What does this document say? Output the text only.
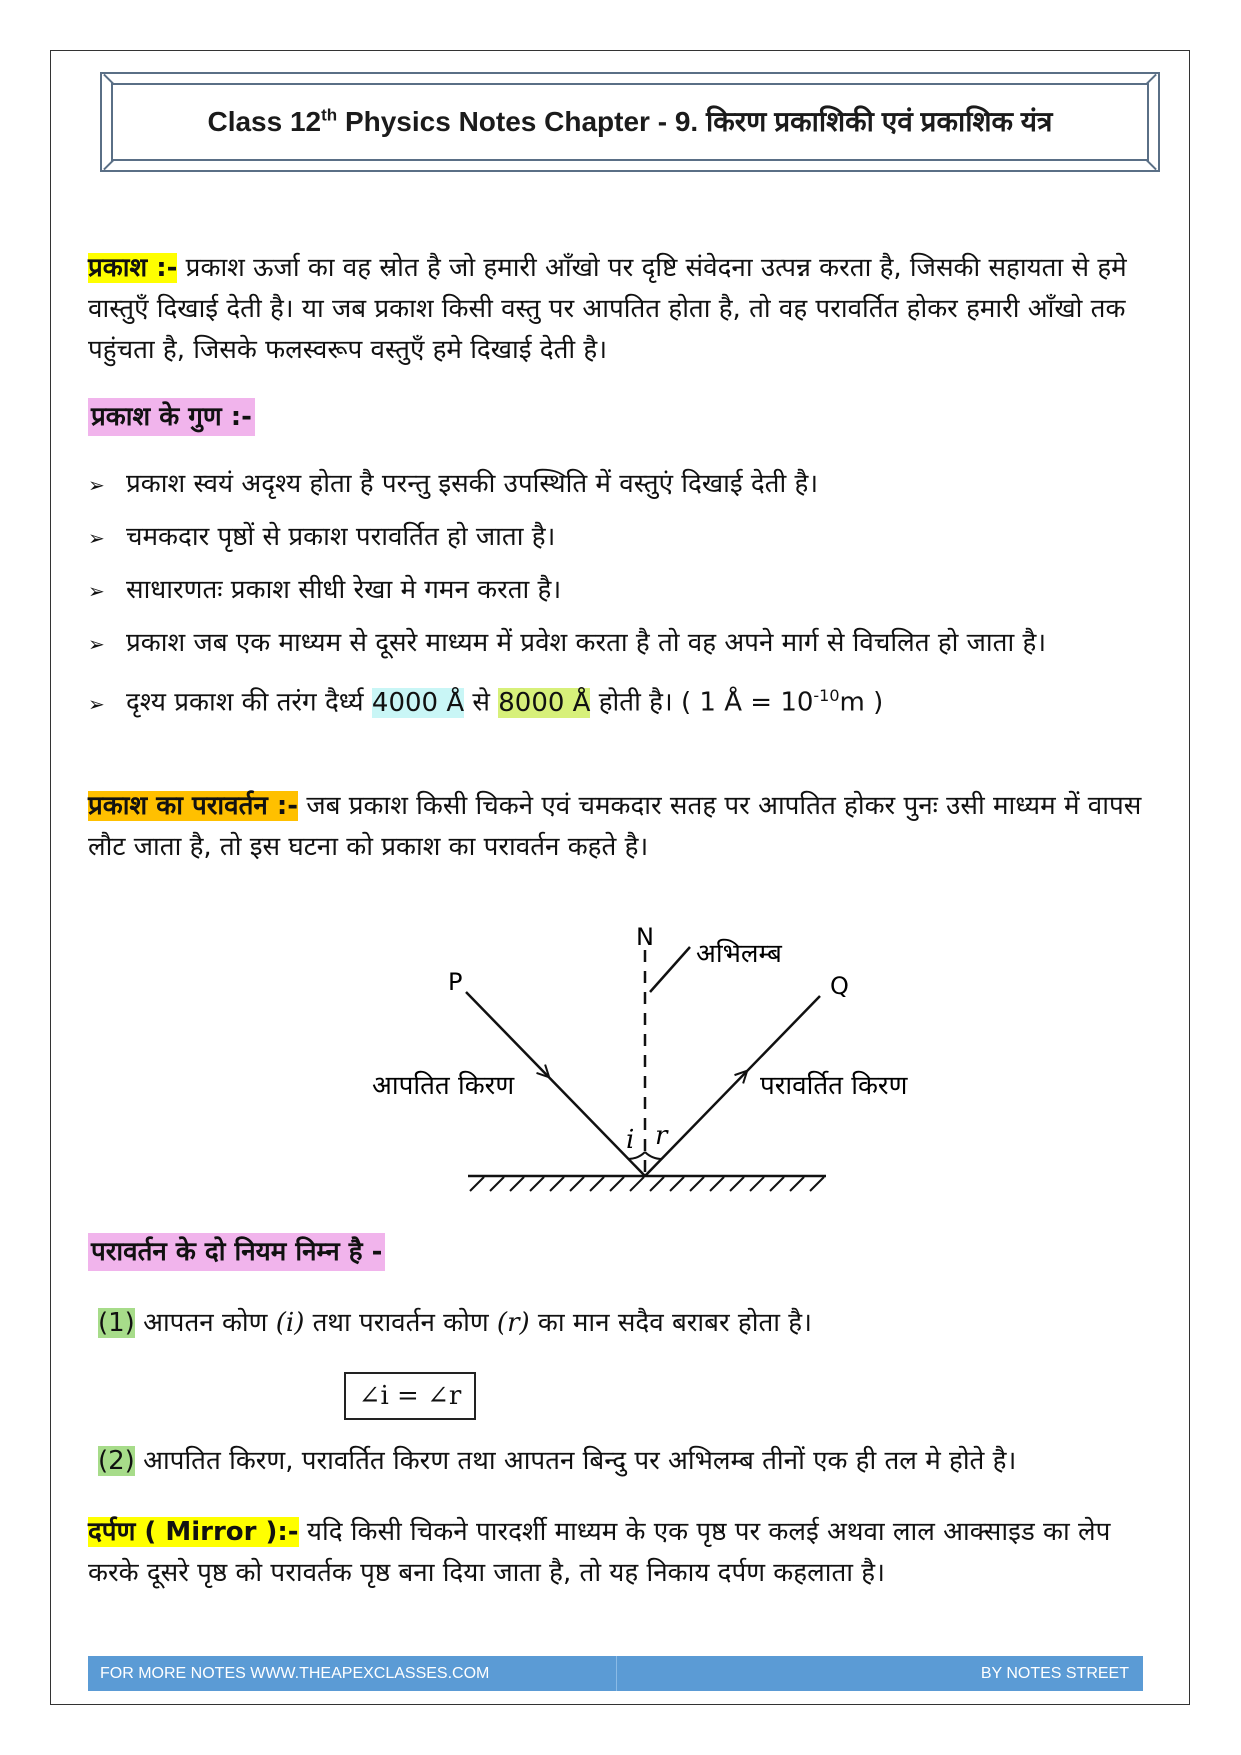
Class 12th Physics Notes Chapter - 9. किरण प्रकाशिकी एवं प्रकाशिक यंत्र
प्रकाश :- प्रकाश ऊर्जा का वह स्रोत है जो हमारी आँखो पर दृष्टि संवेदना उत्पन्न करता है, जिसकी सहायता से हमे वास्तुएँ दिखाई देती है। या जब प्रकाश किसी वस्तु पर आपतित होता है, तो वह परावर्तित होकर हमारी आँखो तक पहुंचता है, जिसके फलस्वरूप वस्तुएँ हमे दिखाई देती है।
प्रकाश के गुण :-
➢ प्रकाश स्वयं अदृश्य होता है परन्तु इसकी उपस्थिति में वस्तुएं दिखाई देती है।
➢ चमकदार पृष्ठों से प्रकाश परावर्तित हो जाता है।
➢ साधारणतः प्रकाश सीधी रेखा मे गमन करता है।
➢ प्रकाश जब एक माध्यम से दूसरे माध्यम में प्रवेश करता है तो वह अपने मार्ग से विचलित हो जाता है।
➢ दृश्य प्रकाश की तरंग दैर्ध्य 4000 Å से 8000 Å होती है। ( 1 Å = $10^{-10}m$ )
प्रकाश का परावर्तन :- जब प्रकाश किसी चिकने एवं चमकदार सतह पर आपतित होकर पुनः उसी माध्यम में वापस लौट जाता है, तो इस घटना को प्रकाश का परावर्तन कहते है।
N
अभिलम्ब
P	Q
आपतित किरण	परावर्तित किरण
i r
परावर्तन के दो नियम निम्न है -
(1) आपतन कोण (i) तथा परावर्तन कोण (r) का मान सदैव बराबर होता है।
∠i = ∠r
(2) आपतित किरण, परावर्तित किरण तथा आपतन बिन्दु पर अभिलम्ब तीनों एक ही तल मे होते है।
दर्पण ( Mirror ):- यदि किसी चिकने पारदर्शी माध्यम के एक पृष्ठ पर कलई अथवा लाल आक्साइड का लेप करके दूसरे पृष्ठ को परावर्तक पृष्ठ बना दिया जाता है, तो यह निकाय दर्पण कहलाता है।
FOR MORE NOTES WWW.THEAPEXCLASSES.COM	BY NOTES STREET
